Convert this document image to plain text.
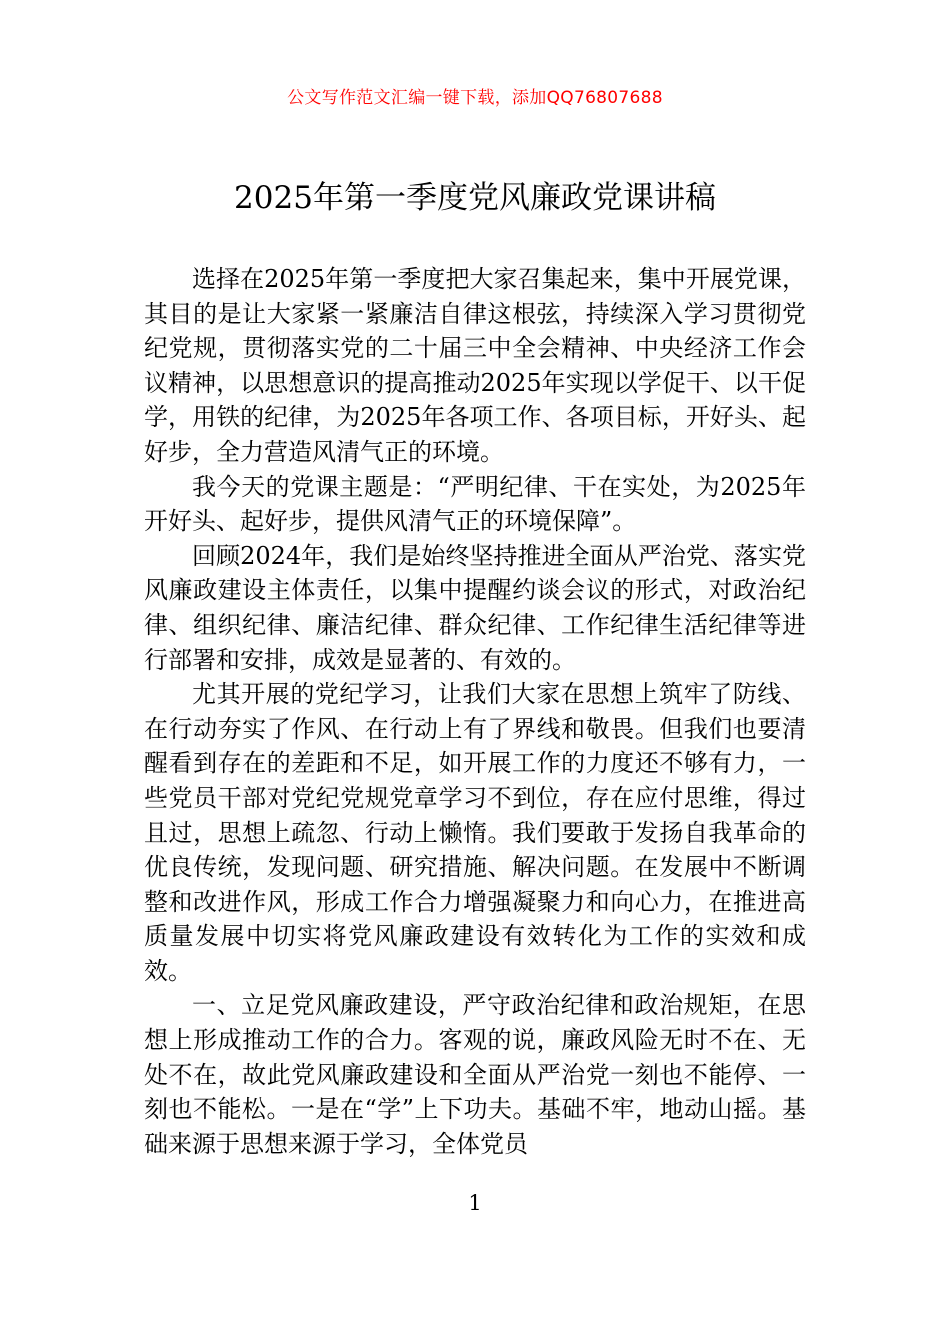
公文写作范文汇编一键下载，添加QQ76807688
2025年第一季度党风廉政党课讲稿

选择在2025年第一季度把大家召集起来，集中开展党课，其目的是让大家紧一紧廉洁自律这根弦，持续深入学习贯彻党纪党规，贯彻落实党的二十届三中全会精神、中央经济工作会议精神，以思想意识的提高推动2025年实现以学促干、以干促学，用铁的纪律，为2025年各项工作、各项目标，开好头、起好步，全力营造风清气正的环境。

我今天的党课主题是：“严明纪律、干在实处，为2025年开好头、起好步，提供风清气正的环境保障”。

回顾2024年，我们是始终坚持推进全面从严治党、落实党风廉政建设主体责任，以集中提醒约谈会议的形式，对政治纪律、组织纪律、廉洁纪律、群众纪律、工作纪律生活纪律等进行部署和安排，成效是显著的、有效的。

尤其开展的党纪学习，让我们大家在思想上筑牢了防线、在行动夯实了作风、在行动上有了界线和敬畏。但我们也要清醒看到存在的差距和不足，如开展工作的力度还不够有力，一些党员干部对党纪党规党章学习不到位，存在应付思维，得过且过，思想上疏忽、行动上懒惰。我们要敢于发扬自我革命的优良传统，发现问题、研究措施、解决问题。在发展中不断调整和改进作风，形成工作合力增强凝聚力和向心力，在推进高质量发展中切实将党风廉政建设有效转化为工作的实效和成效。

一、立足党风廉政建设，严守政治纪律和政治规矩，在思想上形成推动工作的合力。客观的说，廉政风险无时不在、无处不在，故此党风廉政建设和全面从严治党一刻也不能停、一刻也不能松。一是在“学”上下功夫。基础不牢，地动山摇。基础来源于思想来源于学习，全体党员

1
